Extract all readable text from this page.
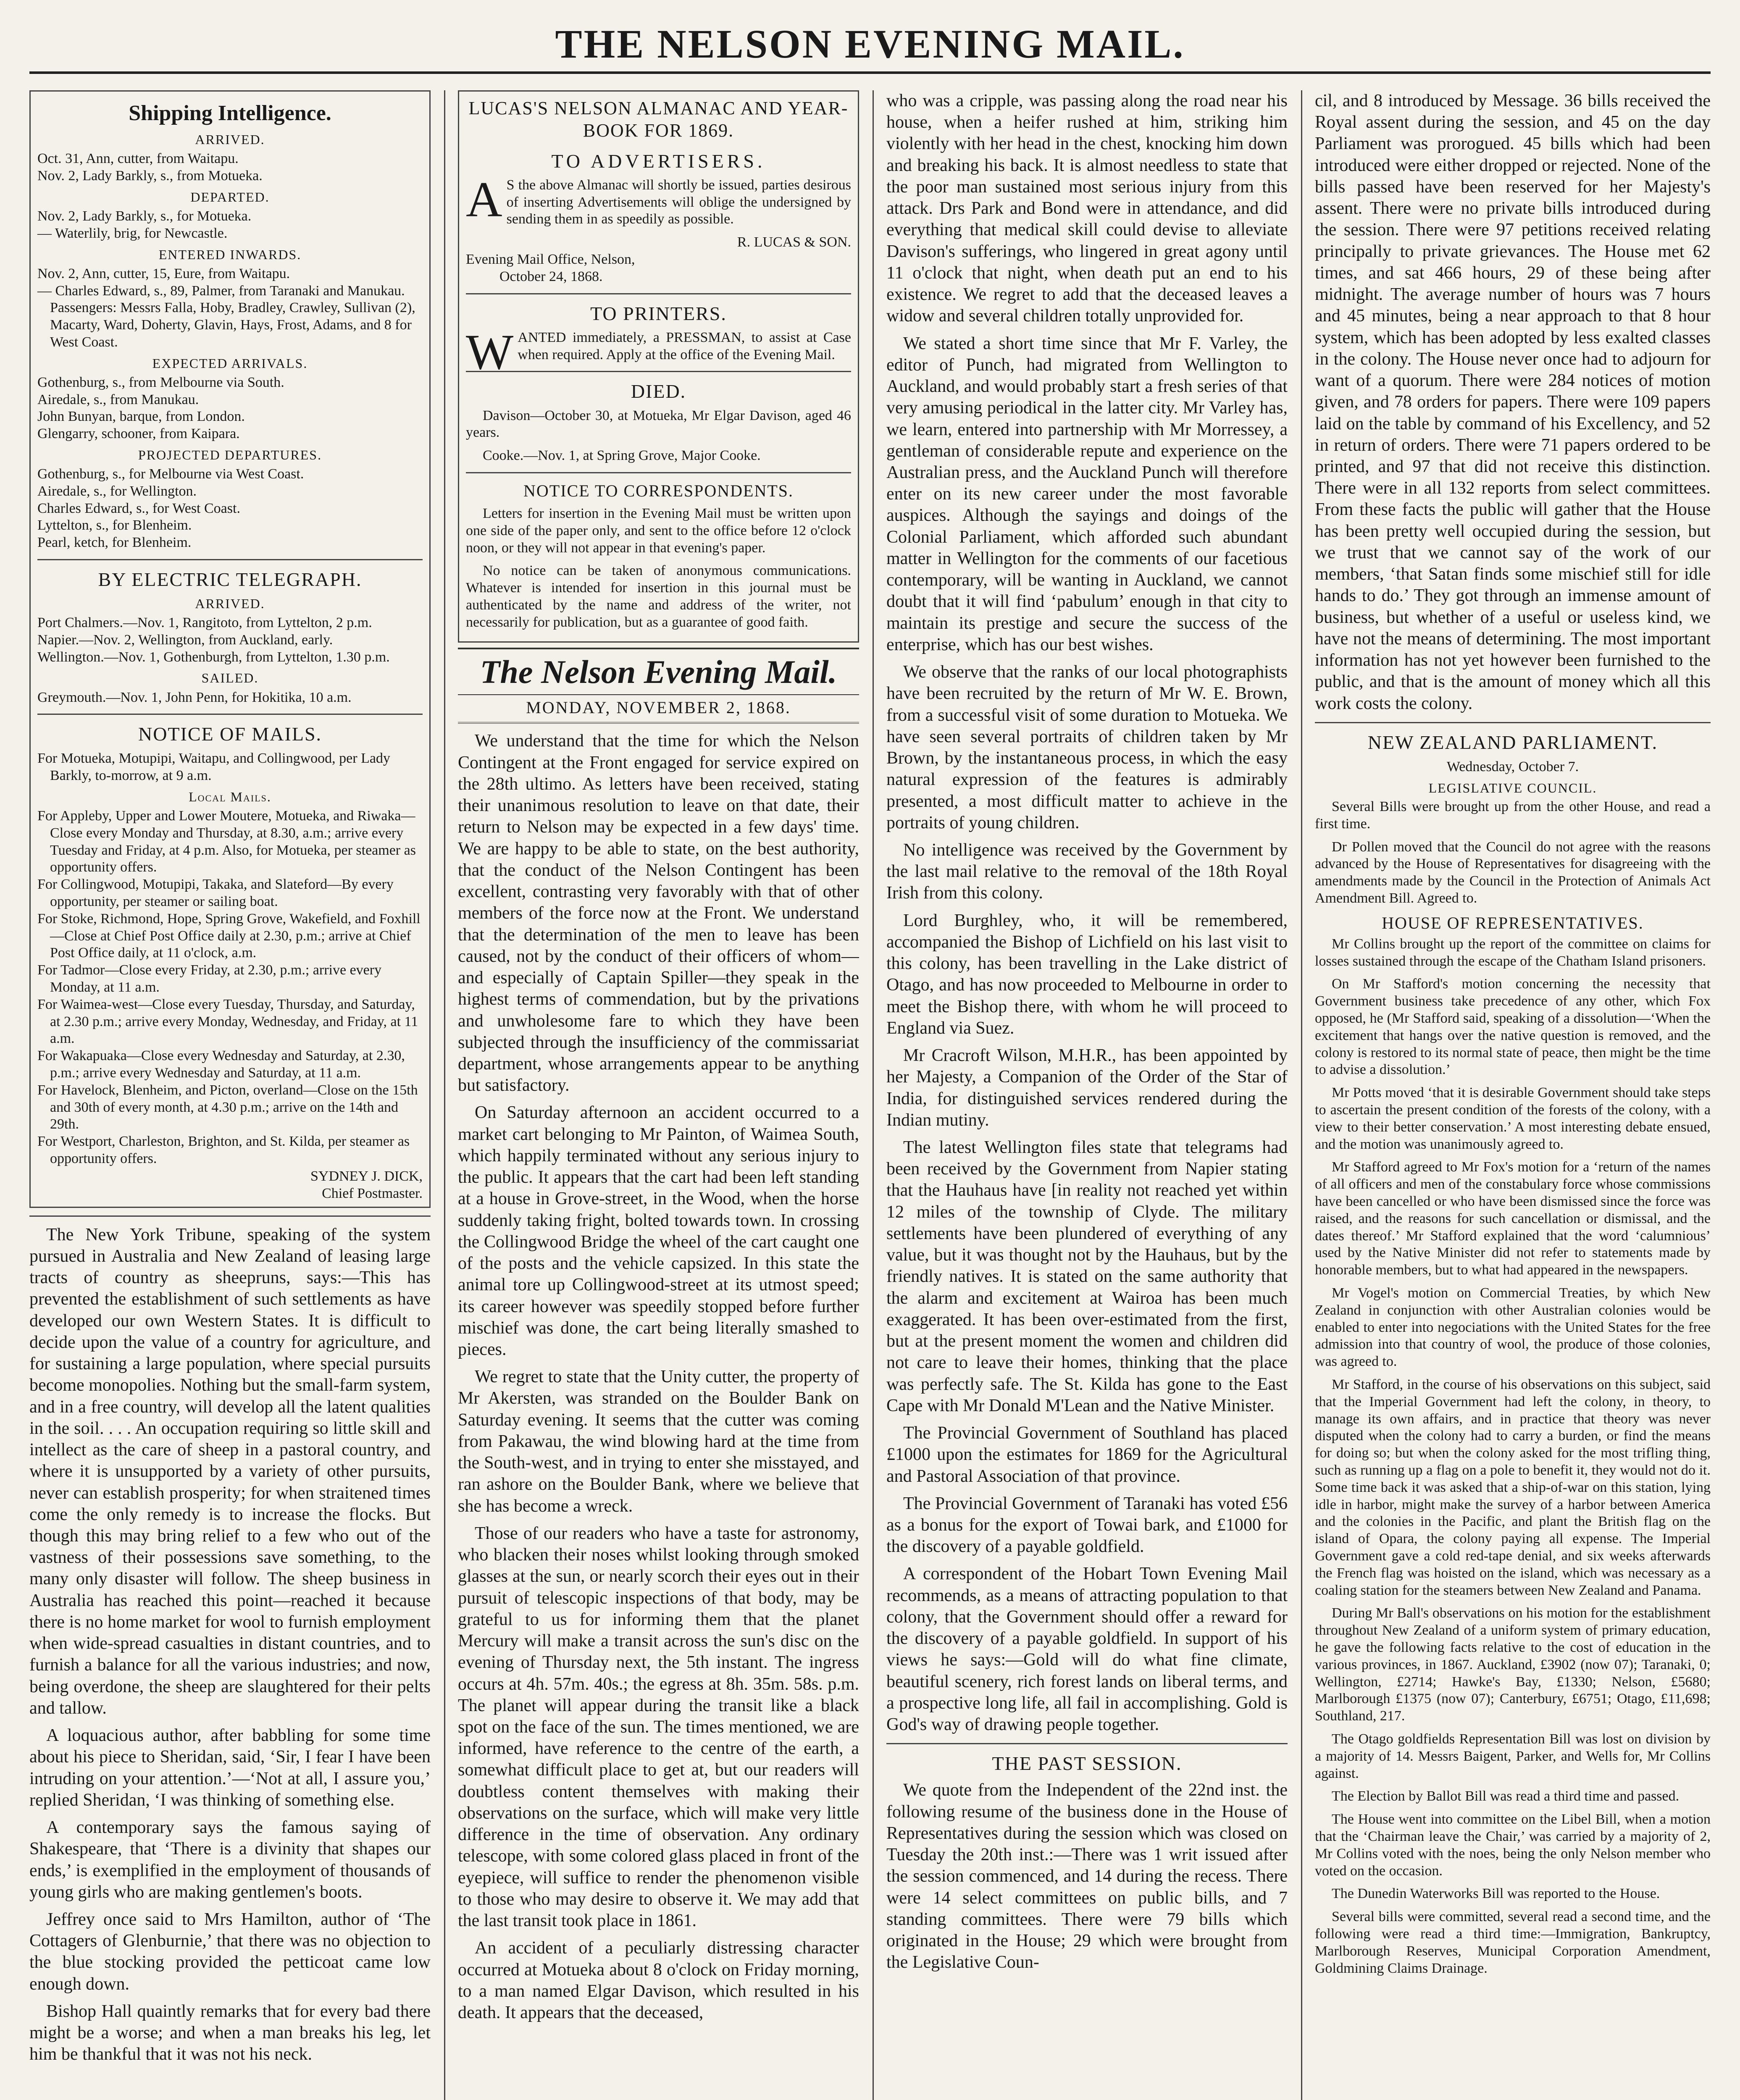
THE NELSON EVENING MAIL.
Shipping Intelligence.
ARRIVED.

Oct. 31, Ann, cutter, from Waitapu.

Nov. 2, Lady Barkly, s., from Motueka.

DEPARTED.

Nov. 2, Lady Barkly, s., for Motueka.

— Waterlily, brig, for Newcastle.

ENTERED INWARDS.

Nov. 2, Ann, cutter, 15, Eure, from Waitapu.

— Charles Edward, s., 89, Palmer, from Taranaki and Manukau. Passengers: Messrs Falla, Hoby, Bradley, Crawley, Sullivan (2), Macarty, Ward, Doherty, Glavin, Hays, Frost, Adams, and 8 for West Coast.

EXPECTED ARRIVALS.

Gothenburg, s., from Melbourne via South.

Airedale, s., from Manukau.

John Bunyan, barque, from London.

Glengarry, schooner, from Kaipara.

PROJECTED DEPARTURES.

Gothenburg, s., for Melbourne via West Coast.

Airedale, s., for Wellington.

Charles Edward, s., for West Coast.

Lyttelton, s., for Blenheim.

Pearl, ketch, for Blenheim.

BY ELECTRIC TELEGRAPH.
ARRIVED.

Port Chalmers.—Nov. 1, Rangitoto, from Lyttelton, 2 p.m.

Napier.—Nov. 2, Wellington, from Auckland, early.

Wellington.—Nov. 1, Gothenburgh, from Lyttelton, 1.30 p.m.

SAILED.

Greymouth.—Nov. 1, John Penn, for Hokitika, 10 a.m.

NOTICE OF MAILS.

For Motueka, Motupipi, Waitapu, and Collingwood, per Lady Barkly, to-morrow, at 9 a.m.

Local Mails.

For Appleby, Upper and Lower Moutere, Motueka, and Riwaka—Close every Monday and Thursday, at 8.30, a.m.; arrive every Tuesday and Friday, at 4 p.m. Also, for Motueka, per steamer as opportunity offers.

For Collingwood, Motupipi, Takaka, and Slateford—By every opportunity, per steamer or sailing boat.

For Stoke, Richmond, Hope, Spring Grove, Wakefield, and Foxhill—Close at Chief Post Office daily at 2.30, p.m.; arrive at Chief Post Office daily, at 11 o'clock, a.m.

For Tadmor—Close every Friday, at 2.30, p.m.; arrive every Monday, at 11 a.m.

For Waimea-west—Close every Tuesday, Thursday, and Saturday, at 2.30 p.m.; arrive every Monday, Wednesday, and Friday, at 11 a.m.

For Wakapuaka—Close every Wednesday and Saturday, at 2.30, p.m.; arrive every Wednesday and Saturday, at 11 a.m.

For Havelock, Blenheim, and Picton, overland—Close on the 15th and 30th of every month, at 4.30 p.m.; arrive on the 14th and 29th.

For Westport, Charleston, Brighton, and St. Kilda, per steamer as opportunity offers.

SYDNEY J. DICK,

Chief Postmaster.

The New York Tribune, speaking of the system pursued in Australia and New Zealand of leasing large tracts of country as sheepruns, says:—This has prevented the establishment of such settlements as have developed our own Western States. It is difficult to decide upon the value of a country for agriculture, and for sustaining a large population, where special pursuits become monopolies. Nothing but the small-farm system, and in a free country, will develop all the latent qualities in the soil. . . . An occupation requiring so little skill and intellect as the care of sheep in a pastoral country, and where it is unsupported by a variety of other pursuits, never can establish prosperity; for when straitened times come the only remedy is to increase the flocks. But though this may bring relief to a few who out of the vastness of their possessions save something, to the many only disaster will follow. The sheep business in Australia has reached this point—reached it because there is no home market for wool to furnish employment when wide-spread casualties in distant countries, and to furnish a balance for all the various industries; and now, being overdone, the sheep are slaughtered for their pelts and tallow.

A loquacious author, after babbling for some time about his piece to Sheridan, said, ‘Sir, I fear I have been intruding on your attention.’—‘Not at all, I assure you,’ replied Sheridan, ‘I was thinking of something else.

A contemporary says the famous saying of Shakespeare, that ‘There is a divinity that shapes our ends,’ is exemplified in the employment of thousands of young girls who are making gentlemen's boots.

Jeffrey once said to Mrs Hamilton, author of ‘The Cottagers of Glenburnie,’ that there was no objection to the blue stocking provided the petticoat came low enough down.

Bishop Hall quaintly remarks that for every bad there might be a worse; and when a man breaks his leg, let him be thankful that it was not his neck.

LUCAS'S NELSON ALMANAC AND YEAR-BOOK FOR 1869.
TO ADVERTISERS.

A S the above Almanac will shortly be issued, parties desirous of inserting Advertisements will oblige the undersigned by sending them in as speedily as possible.

R. LUCAS & SON.

Evening Mail Office, Nelson,

October 24, 1868.

TO PRINTERS.

WANTED immediately, a PRESSMAN, to assist at Case when required. Apply at the office of the Evening Mail.

DIED.

Davison—October 30, at Motueka, Mr Elgar Davison, aged 46 years.

Cooke.—Nov. 1, at Spring Grove, Major Cooke.

NOTICE TO CORRESPONDENTS.

Letters for insertion in the Evening Mail must be written upon one side of the paper only, and sent to the office before 12 o'clock noon, or they will not appear in that evening's paper.

No notice can be taken of anonymous communications. Whatever is intended for insertion in this journal must be authenticated by the name and address of the writer, not necessarily for publication, but as a guarantee of good faith.

The Nelson Evening Mail.
MONDAY, NOVEMBER 2, 1868.

We understand that the time for which the Nelson Contingent at the Front engaged for service expired on the 28th ultimo. As letters have been received, stating their unanimous resolution to leave on that date, their return to Nelson may be expected in a few days' time. We are happy to be able to state, on the best authority, that the conduct of the Nelson Contingent has been excellent, contrasting very favorably with that of other members of the force now at the Front. We understand that the determination of the men to leave has been caused, not by the conduct of their officers of whom—and especially of Captain Spiller—they speak in the highest terms of commendation, but by the privations and unwholesome fare to which they have been subjected through the insufficiency of the commissariat department, whose arrangements appear to be anything but satisfactory.

On Saturday afternoon an accident occurred to a market cart belonging to Mr Painton, of Waimea South, which happily terminated without any serious injury to the public. It appears that the cart had been left standing at a house in Grove-street, in the Wood, when the horse suddenly taking fright, bolted towards town. In crossing the Collingwood Bridge the wheel of the cart caught one of the posts and the vehicle capsized. In this state the animal tore up Collingwood-street at its utmost speed; its career however was speedily stopped before further mischief was done, the cart being literally smashed to pieces.

We regret to state that the Unity cutter, the property of Mr Akersten, was stranded on the Boulder Bank on Saturday evening. It seems that the cutter was coming from Pakawau, the wind blowing hard at the time from the South-west, and in trying to enter she misstayed, and ran ashore on the Boulder Bank, where we believe that she has become a wreck.

Those of our readers who have a taste for astronomy, who blacken their noses whilst looking through smoked glasses at the sun, or nearly scorch their eyes out in their pursuit of telescopic inspections of that body, may be grateful to us for informing them that the planet Mercury will make a transit across the sun's disc on the evening of Thursday next, the 5th instant. The ingress occurs at 4h. 57m. 40s.; the egress at 8h. 35m. 58s. p.m. The planet will appear during the transit like a black spot on the face of the sun. The times mentioned, we are informed, have reference to the centre of the earth, a somewhat difficult place to get at, but our readers will doubtless content themselves with making their observations on the surface, which will make very little difference in the time of observation. Any ordinary telescope, with some colored glass placed in front of the eyepiece, will suffice to render the phenomenon visible to those who may desire to observe it. We may add that the last transit took place in 1861.

An accident of a peculiarly distressing character occurred at Motueka about 8 o'clock on Friday morning, to a man named Elgar Davison, which resulted in his death. It appears that the deceased,

who was a cripple, was passing along the road near his house, when a heifer rushed at him, striking him violently with her head in the chest, knocking him down and breaking his back. It is almost needless to state that the poor man sustained most serious injury from this attack. Drs Park and Bond were in attendance, and did everything that medical skill could devise to alleviate Davison's sufferings, who lingered in great agony until 11 o'clock that night, when death put an end to his existence. We regret to add that the deceased leaves a widow and several children totally unprovided for.

We stated a short time since that Mr F. Varley, the editor of Punch, had migrated from Wellington to Auckland, and would probably start a fresh series of that very amusing periodical in the latter city. Mr Varley has, we learn, entered into partnership with Mr Morressey, a gentleman of considerable repute and experience on the Australian press, and the Auckland Punch will therefore enter on its new career under the most favorable auspices. Although the sayings and doings of the Colonial Parliament, which afforded such abundant matter in Wellington for the comments of our facetious contemporary, will be wanting in Auckland, we cannot doubt that it will find ‘pabulum’ enough in that city to maintain its prestige and secure the success of the enterprise, which has our best wishes.

We observe that the ranks of our local photographists have been recruited by the return of Mr W. E. Brown, from a successful visit of some duration to Motueka. We have seen several portraits of children taken by Mr Brown, by the instantaneous process, in which the easy natural expression of the features is admirably presented, a most difficult matter to achieve in the portraits of young children.

No intelligence was received by the Government by the last mail relative to the removal of the 18th Royal Irish from this colony.

Lord Burghley, who, it will be remembered, accompanied the Bishop of Lichfield on his last visit to this colony, has been travelling in the Lake district of Otago, and has now proceeded to Melbourne in order to meet the Bishop there, with whom he will proceed to England via Suez.

Mr Cracroft Wilson, M.H.R., has been appointed by her Majesty, a Companion of the Order of the Star of India, for distinguished services rendered during the Indian mutiny.

The latest Wellington files state that telegrams had been received by the Government from Napier stating that the Hauhaus have [in reality not reached yet within 12 miles of the township of Clyde. The military settlements have been plundered of everything of any value, but it was thought not by the Hauhaus, but by the friendly natives. It is stated on the same authority that the alarm and excitement at Wairoa has been much exaggerated. It has been over-estimated from the first, but at the present moment the women and children did not care to leave their homes, thinking that the place was perfectly safe. The St. Kilda has gone to the East Cape with Mr Donald M'Lean and the Native Minister.

The Provincial Government of Southland has placed £1000 upon the estimates for 1869 for the Agricultural and Pastoral Association of that province.

The Provincial Government of Taranaki has voted £56 as a bonus for the export of Towai bark, and £1000 for the discovery of a payable goldfield.

A correspondent of the Hobart Town Evening Mail recommends, as a means of attracting population to that colony, that the Government should offer a reward for the discovery of a payable goldfield. In support of his views he says:—Gold will do what fine climate, beautiful scenery, rich forest lands on liberal terms, and a prospective long life, all fail in accomplishing. Gold is God's way of drawing people together.

THE PAST SESSION.

We quote from the Independent of the 22nd inst. the following resume of the business done in the House of Representatives during the session which was closed on Tuesday the 20th inst.:—There was 1 writ issued after the session commenced, and 14 during the recess. There were 14 select committees on public bills, and 7 standing committees. There were 79 bills which originated in the House; 29 which were brought from the Legislative Coun-

cil, and 8 introduced by Message. 36 bills received the Royal assent during the session, and 45 on the day Parliament was prorogued. 45 bills which had been introduced were either dropped or rejected. None of the bills passed have been reserved for her Majesty's assent. There were no private bills introduced during the session. There were 97 petitions received relating principally to private grievances. The House met 62 times, and sat 466 hours, 29 of these being after midnight. The average number of hours was 7 hours and 45 minutes, being a near approach to that 8 hour system, which has been adopted by less exalted classes in the colony. The House never once had to adjourn for want of a quorum. There were 284 notices of motion given, and 78 orders for papers. There were 109 papers laid on the table by command of his Excellency, and 52 in return of orders. There were 71 papers ordered to be printed, and 97 that did not receive this distinction. There were in all 132 reports from select committees. From these facts the public will gather that the House has been pretty well occupied during the session, but we trust that we cannot say of the work of our members, ‘that Satan finds some mischief still for idle hands to do.’ They got through an immense amount of business, but whether of a useful or useless kind, we have not the means of determining. The most important information has not yet however been furnished to the public, and that is the amount of money which all this work costs the colony.

NEW ZEALAND PARLIAMENT.
Wednesday, October 7.
LEGISLATIVE COUNCIL.

Several Bills were brought up from the other House, and read a first time.

Dr Pollen moved that the Council do not agree with the reasons advanced by the House of Representatives for disagreeing with the amendments made by the Council in the Protection of Animals Act Amendment Bill. Agreed to.

HOUSE OF REPRESENTATIVES.

Mr Collins brought up the report of the committee on claims for losses sustained through the escape of the Chatham Island prisoners.

On Mr Stafford's motion concerning the necessity that Government business take precedence of any other, which Fox opposed, he (Mr Stafford said, speaking of a dissolution—‘When the excitement that hangs over the native question is removed, and the colony is restored to its normal state of peace, then might be the time to advise a dissolution.’

Mr Potts moved ‘that it is desirable Government should take steps to ascertain the present condition of the forests of the colony, with a view to their better conservation.’ A most interesting debate ensued, and the motion was unanimously agreed to.

Mr Stafford agreed to Mr Fox's motion for a ‘return of the names of all officers and men of the constabulary force whose commissions have been cancelled or who have been dismissed since the force was raised, and the reasons for such cancellation or dismissal, and the dates thereof.’ Mr Stafford explained that the word ‘calumnious’ used by the Native Minister did not refer to statements made by honorable members, but to what had appeared in the newspapers.

Mr Vogel's motion on Commercial Treaties, by which New Zealand in conjunction with other Australian colonies would be enabled to enter into negociations with the United States for the free admission into that country of wool, the produce of those colonies, was agreed to.

Mr Stafford, in the course of his observations on this subject, said that the Imperial Government had left the colony, in theory, to manage its own affairs, and in practice that theory was never disputed when the colony had to carry a burden, or find the means for doing so; but when the colony asked for the most trifling thing, such as running up a flag on a pole to benefit it, they would not do it. Some time back it was asked that a ship-of-war on this station, lying idle in harbor, might make the survey of a harbor between America and the colonies in the Pacific, and plant the British flag on the island of Opara, the colony paying all expense. The Imperial Government gave a cold red-tape denial, and six weeks afterwards the French flag was hoisted on the island, which was necessary as a coaling station for the steamers between New Zealand and Panama.

During Mr Ball's observations on his motion for the establishment throughout New Zealand of a uniform system of primary education, he gave the following facts relative to the cost of education in the various provinces, in 1867. Auckland, £3902 (now 07); Taranaki, 0; Wellington, £2714; Hawke's Bay, £1330; Nelson, £5680; Marlborough £1375 (now 07); Canterbury, £6751; Otago, £11,698; Southland, 217.

The Otago goldfields Representation Bill was lost on division by a majority of 14. Messrs Baigent, Parker, and Wells for, Mr Collins against.

The Election by Ballot Bill was read a third time and passed.

The House went into committee on the Libel Bill, when a motion that the ‘Chairman leave the Chair,’ was carried by a majority of 2, Mr Collins voted with the noes, being the only Nelson member who voted on the occasion.

The Dunedin Waterworks Bill was reported to the House.

Several bills were committed, several read a second time, and the following were read a third time:—Immigration, Bankruptcy, Marlborough Reserves, Municipal Corporation Amendment, Goldmining Claims Drainage.
